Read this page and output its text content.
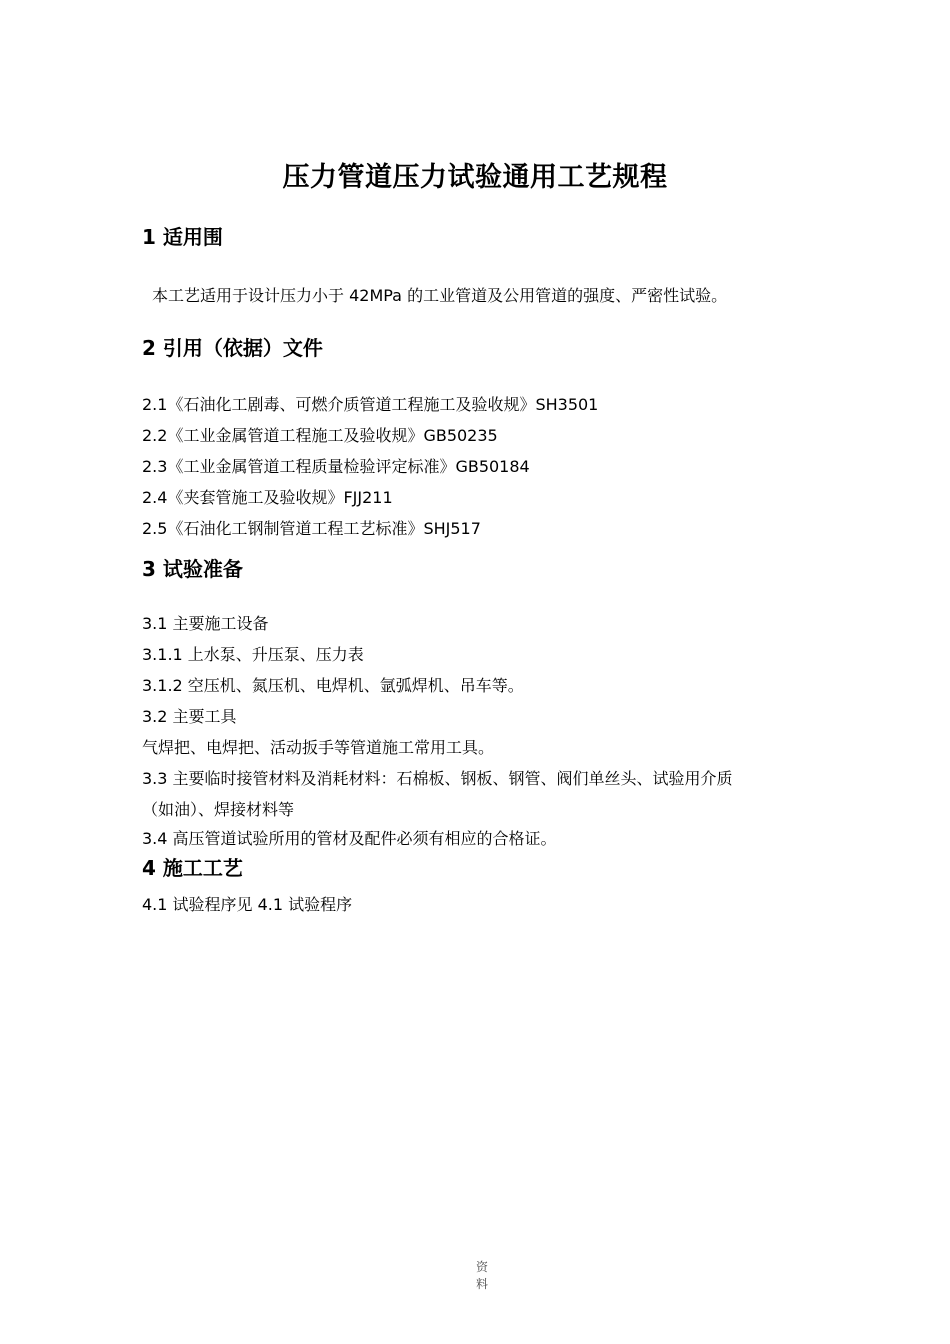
压力管道压力试验通用工艺规程
1 适用围
本工艺适用于设计压力小于 42MPa 的工业管道及公用管道的强度、严密性试验。
2 引用（依据）文件
2.1《石油化工剧毒、可燃介质管道工程施工及验收规》SH3501
2.2《工业金属管道工程施工及验收规》GB50235
2.3《工业金属管道工程质量检验评定标准》GB50184
2.4《夹套管施工及验收规》FJJ211
2.5《石油化工钢制管道工程工艺标准》SHJ517
3 试验准备
3.1 主要施工设备
3.1.1 上水泵、升压泵、压力表
3.1.2 空压机、氮压机、电焊机、氩弧焊机、吊车等。
3.2 主要工具
气焊把、电焊把、活动扳手等管道施工常用工具。
3.3 主要临时接管材料及消耗材料：石棉板、钢板、钢管、阀们单丝头、试验用介质
（如油）、焊接材料等
3.4 高压管道试验所用的管材及配件必须有相应的合格证。
4 施工工艺
4.1 试验程序见 4.1 试验程序
资
料
